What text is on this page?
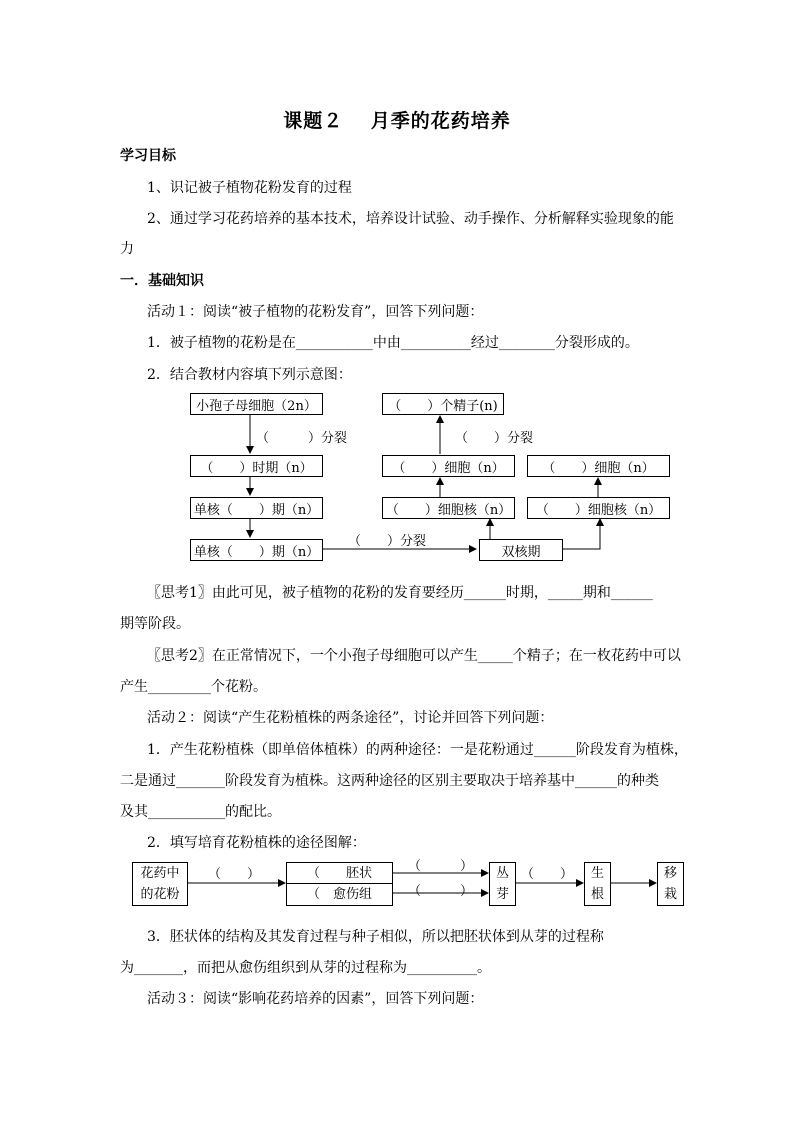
课题２　 月季的花药培养
学习目标
1、识记被子植物花粉发育的过程
2、通过学习花药培养的基本技术，培养设计试验、动手操作、分析解释实验现象的能
力
一．基础知识
活动１：阅读“被子植物的花粉发育”，回答下列问题：
1．被子植物的花粉是在___________中由__________经过________分裂形成的。
2．结合教材内容填下列示意图：
小孢子母细胞（2n）
（　　）时期（n）
单核（　　）期（n）
单核（　　）期（n）
（　　）个精子(n)
（　　）细胞（n）	（　　）细胞（n）
（　　）细胞核（n）	（　　）细胞核（n）
双核期
（　　　）分裂
（　　）分裂
（　　）分裂
〖思考1〗由此可见，被子植物的花粉的发育要经历______时期，_____期和______
期等阶段。
〖思考2〗在正常情况下，一个小孢子母细胞可以产生_____个精子；在一枚花药中可以
产生_________个花粉。
活动２：阅读“产生花粉植株的两条途径”，讨论并回答下列问题：
1．产生花粉植株（即单倍体植株）的两种途径：一是花粉通过______阶段发育为植株，
二是通过_______阶段发育为植株。这两种途径的区别主要取决于培养基中______的种类
及其___________的配比。
2．填写培育花粉植株的途径图解：
花药中
的花粉
（　　）	（　　胚状
（　愈伤组
（　　　）
（　　　）
丛
芽
（　　）	生
根
移
栽
3．胚状体的结构及其发育过程与种子相似，所以把胚状体到从芽的过程称
为_______，而把从愈伤组织到从芽的过程称为__________。
活动３：阅读“影响花药培养的因素”，回答下列问题：
